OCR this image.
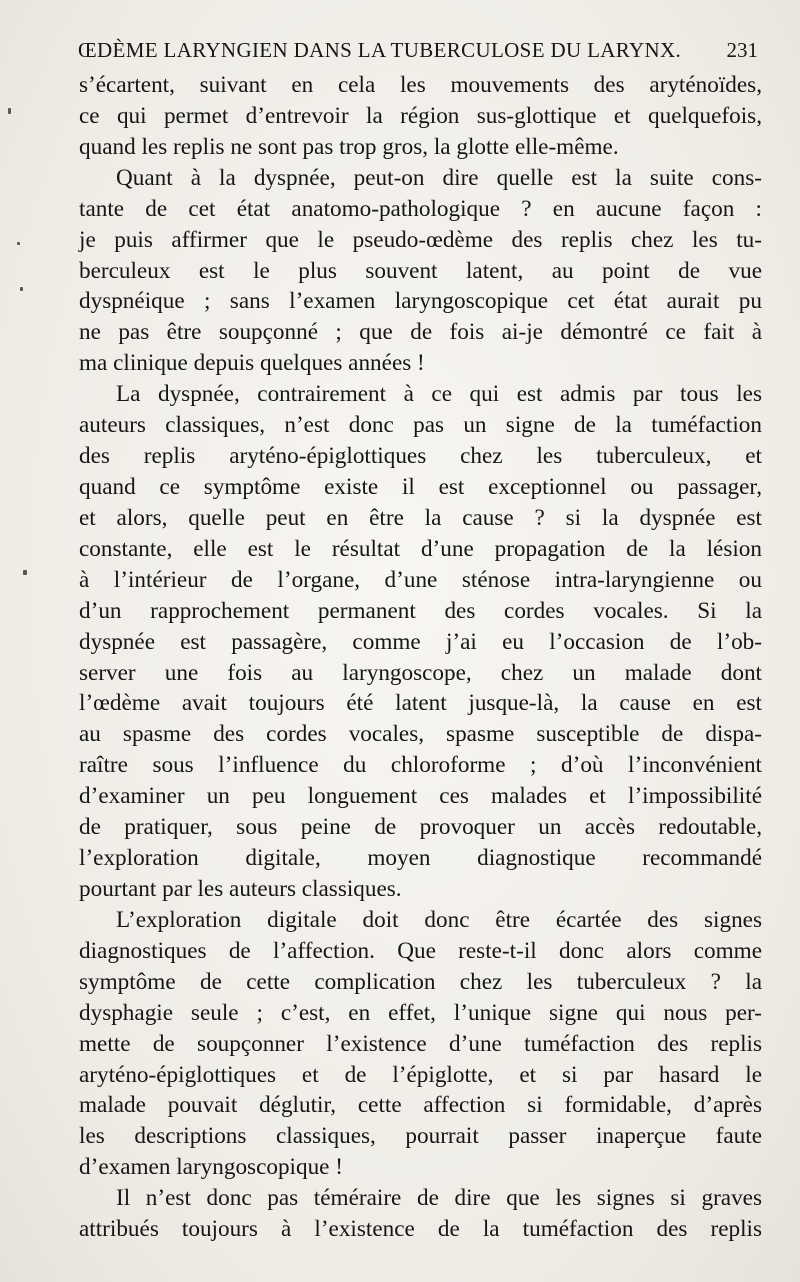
ŒDÈME LARYNGIEN DANS LA TUBERCULOSE DU LARYNX. 231
s’écartent, suivant en cela les mouvements des aryténoïdes,
ce qui permet d’entrevoir la région sus-glottique et quelquefois,
quand les replis ne sont pas trop gros, la glotte elle-même.
Quant à la dyspnée, peut-on dire quelle est la suite cons-
tante de cet état anatomo-pathologique ? en aucune façon :
je puis affirmer que le pseudo-œdème des replis chez les tu-
berculeux est le plus souvent latent, au point de vue
dyspnéique ; sans l’examen laryngoscopique cet état aurait pu
ne pas être soupçonné ; que de fois ai-je démontré ce fait à
ma clinique depuis quelques années !
La dyspnée, contrairement à ce qui est admis par tous les
auteurs classiques, n’est donc pas un signe de la tuméfaction
des replis aryténo-épiglottiques chez les tuberculeux, et
quand ce symptôme existe il est exceptionnel ou passager,
et alors, quelle peut en être la cause ? si la dyspnée est
constante, elle est le résultat d’une propagation de la lésion
à l’intérieur de l’organe, d’une sténose intra-laryngienne ou
d’un rapprochement permanent des cordes vocales. Si la
dyspnée est passagère, comme j’ai eu l’occasion de l’ob-
server une fois au laryngoscope, chez un malade dont
l’œdème avait toujours été latent jusque-là, la cause en est
au spasme des cordes vocales, spasme susceptible de dispa-
raître sous l’influence du chloroforme ; d’où l’inconvénient
d’examiner un peu longuement ces malades et l’impossibilité
de pratiquer, sous peine de provoquer un accès redoutable,
l’exploration digitale, moyen diagnostique recommandé
pourtant par les auteurs classiques.
L’exploration digitale doit donc être écartée des signes
diagnostiques de l’affection. Que reste-t-il donc alors comme
symptôme de cette complication chez les tuberculeux ? la
dysphagie seule ; c’est, en effet, l’unique signe qui nous per-
mette de soupçonner l’existence d’une tuméfaction des replis
aryténo-épiglottiques et de l’épiglotte, et si par hasard le
malade pouvait déglutir, cette affection si formidable, d’après
les descriptions classiques, pourrait passer inaperçue faute
d’examen laryngoscopique !
Il n’est donc pas téméraire de dire que les signes si graves
attribués toujours à l’existence de la tuméfaction des replis
